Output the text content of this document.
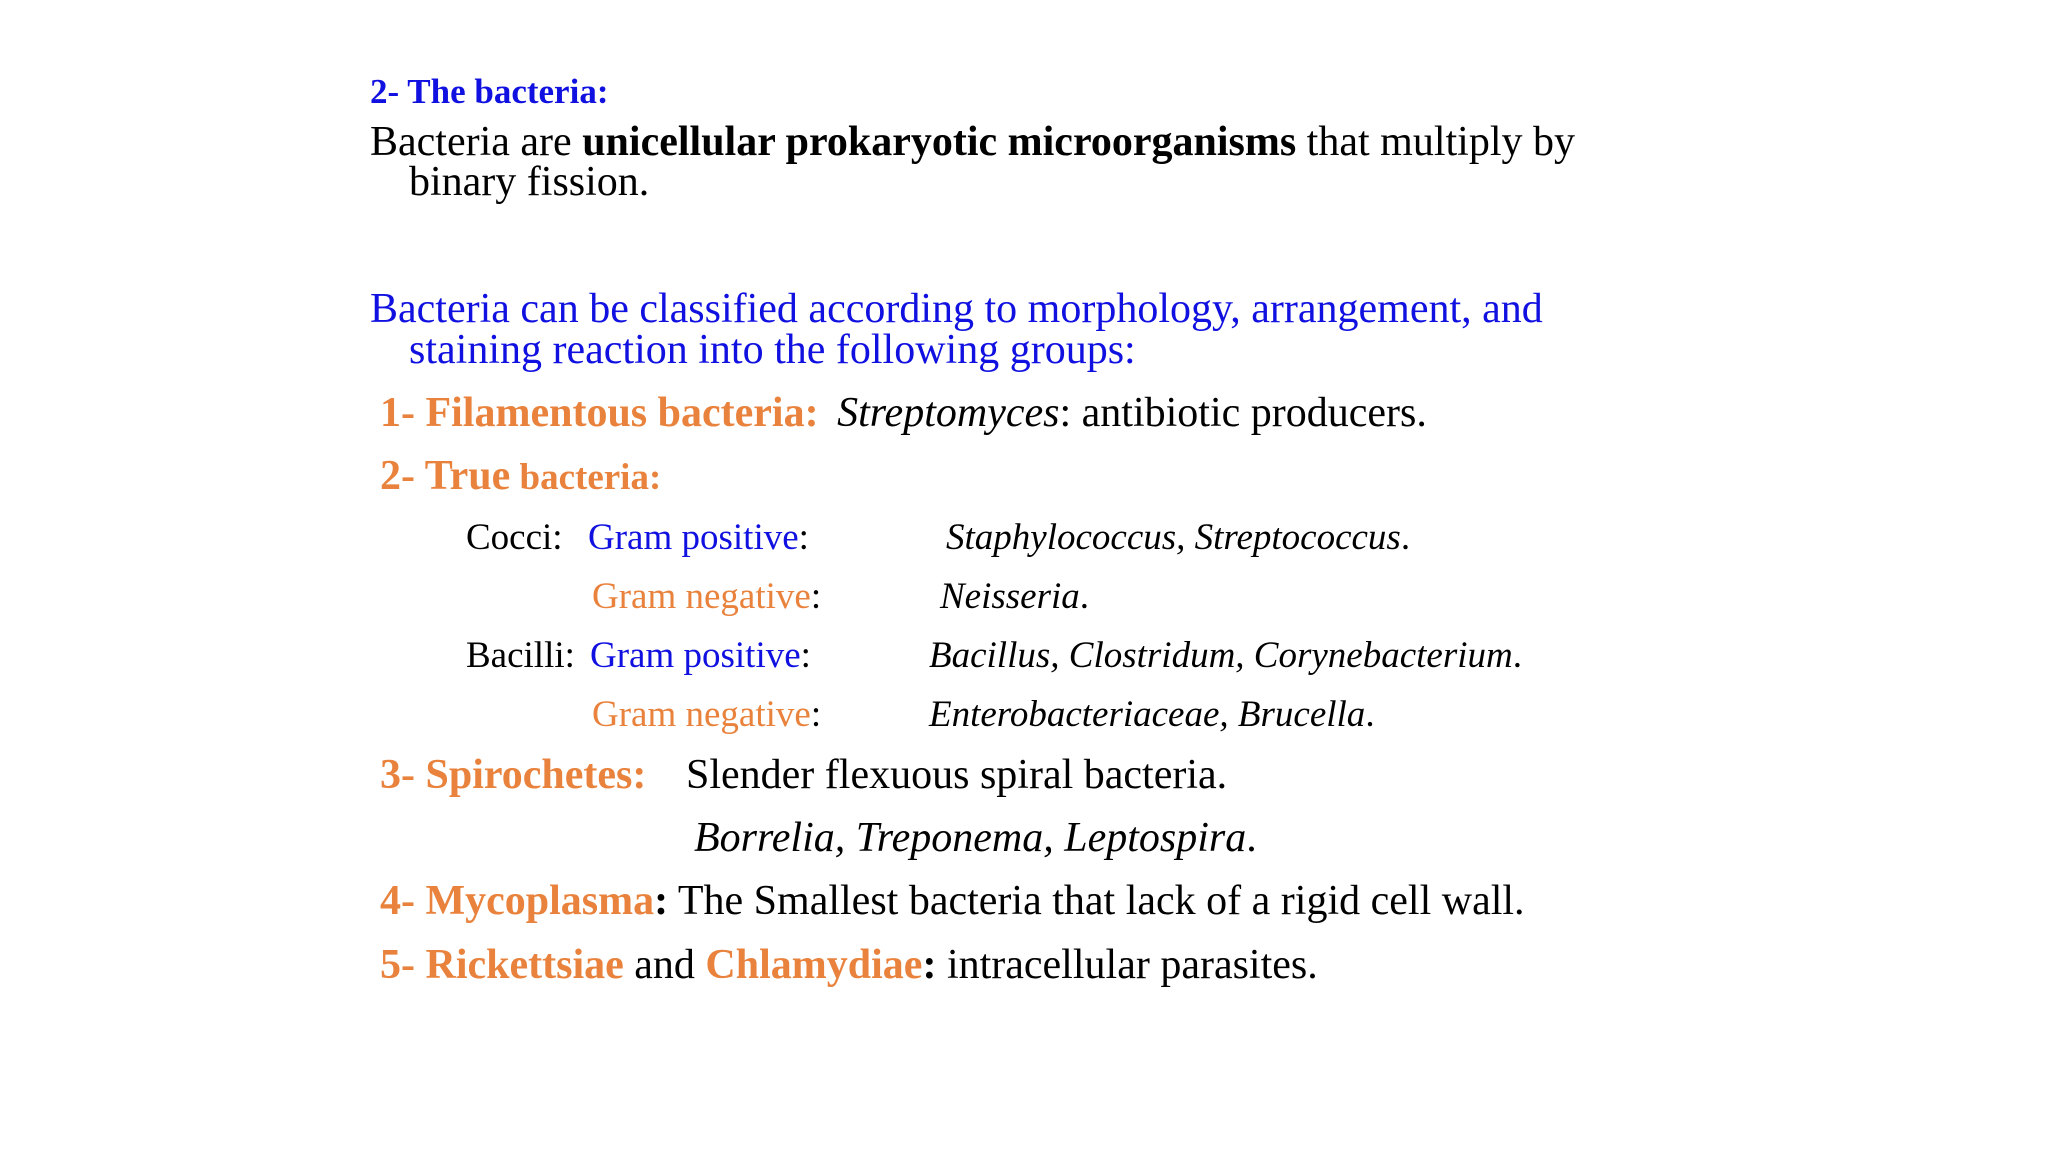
2- The bacteria:
Bacteria are unicellular prokaryotic microorganisms that multiply by
binary fission.
Bacteria can be classified according to morphology, arrangement, and
staining reaction into the following groups:
1- Filamentous bacteria: Streptomyces: antibiotic producers.
2- True bacteria:
Cocci: Gram positive:	Staphylococcus, Streptococcus.
Gram negative:	Neisseria.
Bacilli: Gram positive:	Bacillus, Clostridum, Corynebacterium.
Gram negative:	Enterobacteriaceae, Brucella.
3- Spirochetes: Slender flexuous spiral bacteria.
Borrelia, Treponema, Leptospira.
4- Mycoplasma: The Smallest bacteria that lack of a rigid cell wall.
5- Rickettsiae and Chlamydiae: intracellular parasites.
